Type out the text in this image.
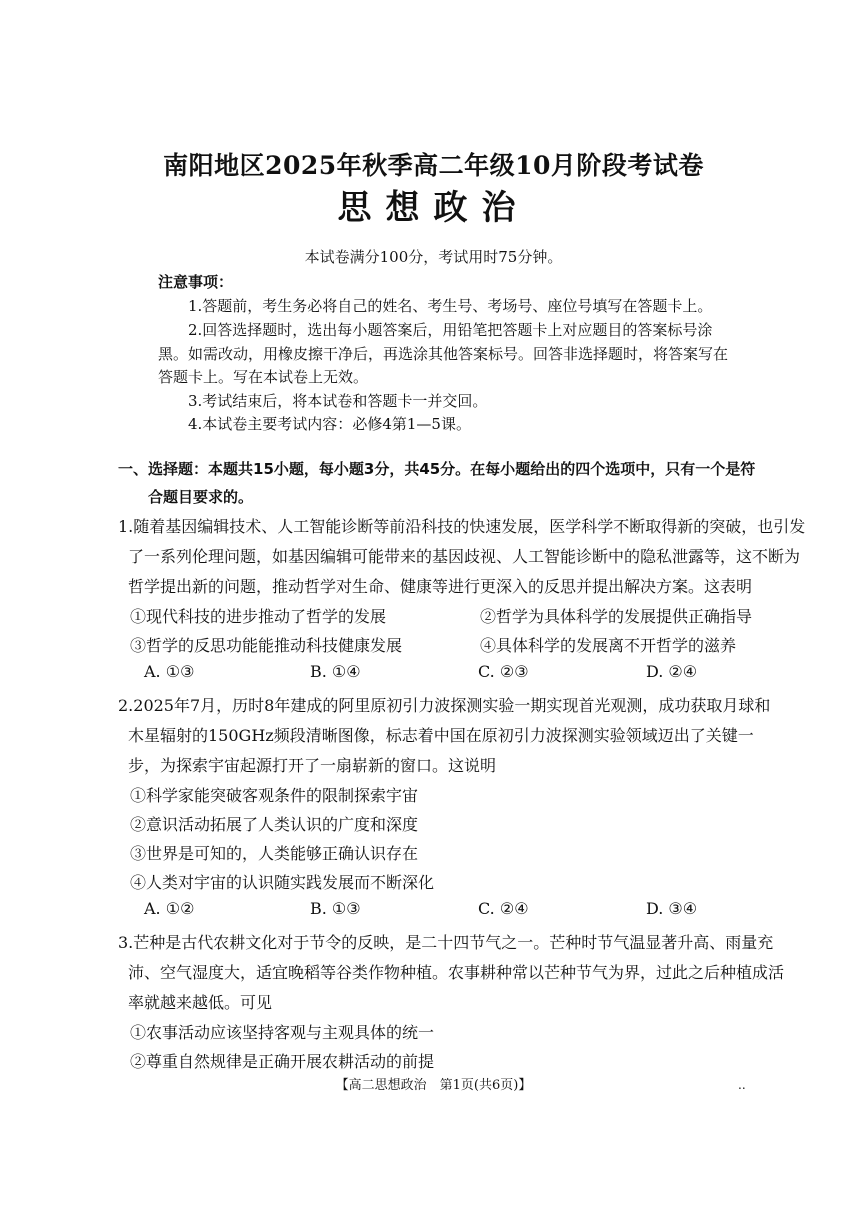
南阳地区2025年秋季高二年级10月阶段考试卷
思想政治
本试卷满分100分，考试用时75分钟。
注意事项：
1.答题前，考生务必将自己的姓名、考生号、考场号、座位号填写在答题卡上。
2.回答选择题时，选出每小题答案后，用铅笔把答题卡上对应题目的答案标号涂
黑。如需改动，用橡皮擦干净后，再选涂其他答案标号。回答非选择题时，将答案写在
答题卡上。写在本试卷上无效。
3.考试结束后，将本试卷和答题卡一并交回。
4.本试卷主要考试内容：必修4第1—5课。
一、选择题：本题共15小题，每小题3分，共45分。在每小题给出的四个选项中，只有一个是符
合题目要求的。
1.随着基因编辑技术、人工智能诊断等前沿科技的快速发展，医学科学不断取得新的突破，也引发
了一系列伦理问题，如基因编辑可能带来的基因歧视、人工智能诊断中的隐私泄露等，这不断为
哲学提出新的问题，推动哲学对生命、健康等进行更深入的反思并提出解决方案。这表明
①现代科技的进步推动了哲学的发展	②哲学为具体科学的发展提供正确指导
③哲学的反思功能能推动科技健康发展	④具体科学的发展离不开哲学的滋养
A. ①③	B. ①④	C. ②③	D. ②④
2.2025年7月，历时8年建成的阿里原初引力波探测实验一期实现首光观测，成功获取月球和
木星辐射的150GHz频段清晰图像，标志着中国在原初引力波探测实验领域迈出了关键一
步，为探索宇宙起源打开了一扇崭新的窗口。这说明
①科学家能突破客观条件的限制探索宇宙
②意识活动拓展了人类认识的广度和深度
③世界是可知的，人类能够正确认识存在
④人类对宇宙的认识随实践发展而不断深化
A. ①②	B. ①③	C. ②④	D. ③④
3.芒种是古代农耕文化对于节令的反映，是二十四节气之一。芒种时节气温显著升高、雨量充
沛、空气湿度大，适宜晚稻等谷类作物种植。农事耕种常以芒种节气为界，过此之后种植成活
率就越来越低。可见
①农事活动应该坚持客观与主观具体的统一
②尊重自然规律是正确开展农耕活动的前提
【高二思想政治　第1页(共6页)】	..
